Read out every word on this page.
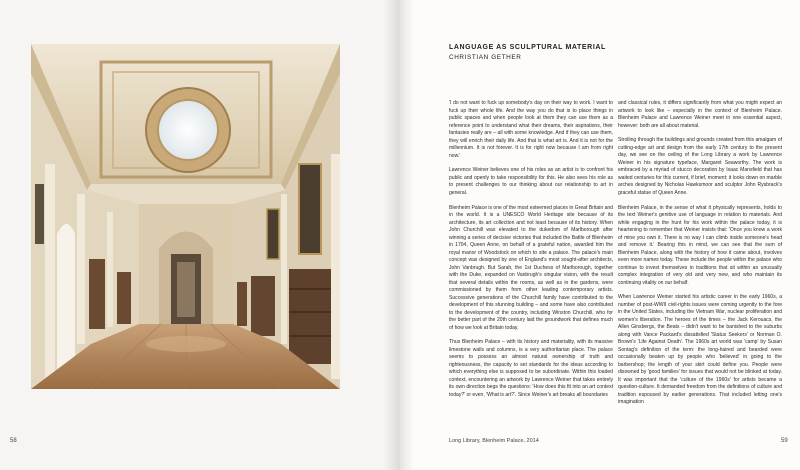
58	59
Long Library, Blenheim Palace, 2014
LANGUAGE AS SCULPTURAL MATERIAL
CHRISTIAN GETHER

'I do not want to fuck up somebody's day on their way to work. I want to fuck up their whole life. And the way you do that is to place things in public spaces and when people look at them they can use them as a reference point to understand what their dreams, their aspirations, their fantasies really are – all with some knowledge. And if they can use them, they will enrich their daily life. And that is what art is. And it is not for the millennium. It is not forever. It is for right now because I am from right now.'

Lawrence Weiner believes one of his roles as an artist is to confront his public and openly to take responsibility for this. He also sees his role as to present challenges to our thinking about our relationship to art in general.

Blenheim Palace is one of the most esteemed places in Great Britain and in the world. It is a UNESCO World Heritage site because of its architecture, its art collection and not least because of its history. When John Churchill was elevated to the dukedom of Marlborough after winning a series of decisive victories that included the Battle of Blenheim in 1704, Queen Anne, on behalf of a grateful nation, awarded him the royal manor of Woodstock on which to site a palace. The palace's main concept was designed by one of England's most sought-after architects, John Vanbrugh. But Sarah, the 1st Duchess of Marlborough, together with the Duke, expanded on Vanbrugh's singular vision, with the result that several details within the rooms, as well as in the gardens, were commissioned by them from other leading contemporary artists. Successive generations of the Churchill family have contributed to the development of this stunning building – and some have also contributed to the development of the country, including Winston Churchill, who for the better part of the 20th century laid the groundwork that defines much of how we look at Britain today.

Thus Blenheim Palace – with its history and materiality, with its massive limestone walls and columns, is a very authoritarian place. The palace seems to possess an almost natural ownership of truth and righteousness, the capacity to set standards for the ideas according to which everything else is supposed to be subordinate. Within this loaded context, encountering an artwork by Lawrence Weiner that takes entirely its own direction begs the questions: 'How does this fit into an art context today?' or even, 'What is art?'. Since Weiner's art breaks all boundaries

and classical rules, it differs significantly from what you might expect an artwork to look like – especially in the context of Blenheim Palace. Blenheim Palace and Lawrence Weiner meet in one essential aspect, however: both are all about material.

Strolling through the buildings and grounds created from this amalgam of cutting-edge art and design from the early 17th century to the present day, we see on the ceiling of the Long Library a work by Lawrence Weiner in his signature typeface, Margaret Seaworthy. The work is embraced by a myriad of stucco decoration by Isaac Mansfield that has waited centuries for this current, if brief, moment; it looks down on marble arches designed by Nicholas Hawksmoor and sculptor John Rysbrack's graceful statue of Queen Anne.

Blenheim Palace, in the sense of what it physically represents, holds to the text Weiner's genitive use of language in relation to materials. And while engaging in the hunt for his work within the palace today, it is heartening to remember that Weiner insists that: 'Once you know a work of mine you own it. There is no way I can climb inside someone's head and remove it.' Bearing this in mind, we can see that the sum of Blenheim Palace, along with the history of how it came about, involves even more names today. These include the people within the palace who continue to invest themselves in traditions that sit within an unusually complex integration of very old and very new, and who maintain its continuing vitality on our behalf.

When Lawrence Weiner started his artistic career in the early 1960s, a number of post-WWII civil-rights issues were coming urgently to the fore in the United States, including the Vietnam War, nuclear proliferation and women's liberation. The heroes of the times – the Jack Kerouacs, the Allen Ginsbergs, the Beats – didn't want to be banished to the suburbs along with Vance Packard's dissatisfied 'Status Seekers' or Norman O. Brown's 'Life Against Death'. The 1960s art world was 'camp' by Susan Sontag's definition of the term: the long-haired and bearded were occasionally beaten up by people who 'believed' in going to the barbershop; the length of your skirt could define you. People were disowned by 'good families' for issues that would not be blinked at today. It was important that the 'culture of the 1960s' for artists became a question-culture. It demanded freedom from the definitions of culture and tradition espoused by earlier generations. That included letting one's imagination
